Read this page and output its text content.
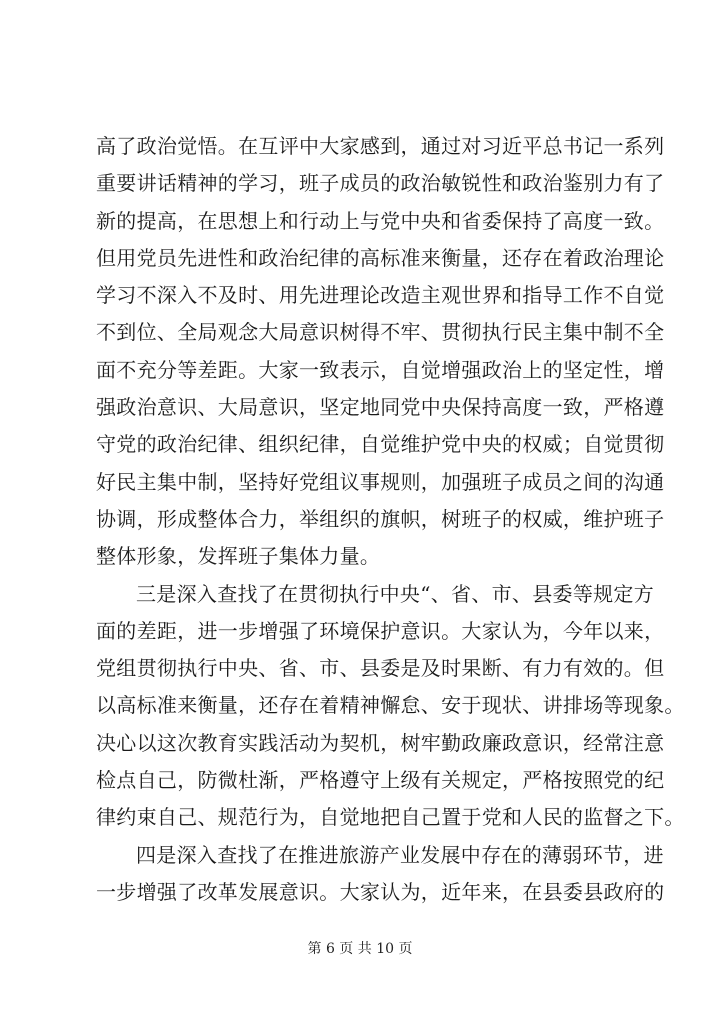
高了政治觉悟。在互评中大家感到，通过对习近平总书记一系列
重要讲话精神的学习，班子成员的政治敏锐性和政治鉴别力有了
新的提高，在思想上和行动上与党中央和省委保持了高度一致。
但用党员先进性和政治纪律的高标准来衡量，还存在着政治理论
学习不深入不及时、用先进理论改造主观世界和指导工作不自觉
不到位、全局观念大局意识树得不牢、贯彻执行民主集中制不全
面不充分等差距。大家一致表示，自觉增强政治上的坚定性，增
强政治意识、大局意识，坚定地同党中央保持高度一致，严格遵
守党的政治纪律、组织纪律，自觉维护党中央的权威；自觉贯彻
好民主集中制，坚持好党组议事规则，加强班子成员之间的沟通
协调，形成整体合力，举组织的旗帜，树班子的权威，维护班子
整体形象，发挥班子集体力量。
三是深入查找了在贯彻执行中央“、省、市、县委等规定方
面的差距，进一步增强了环境保护意识。大家认为，今年以来，
党组贯彻执行中央、省、市、县委是及时果断、有力有效的。但
以高标准来衡量，还存在着精神懈怠、安于现状、讲排场等现象。
决心以这次教育实践活动为契机，树牢勤政廉政意识，经常注意
检点自己，防微杜渐，严格遵守上级有关规定，严格按照党的纪
律约束自己、规范行为，自觉地把自己置于党和人民的监督之下。
四是深入查找了在推进旅游产业发展中存在的薄弱环节，进
一步增强了改革发展意识。大家认为，近年来，在县委县政府的
第 6 页 共 10 页
